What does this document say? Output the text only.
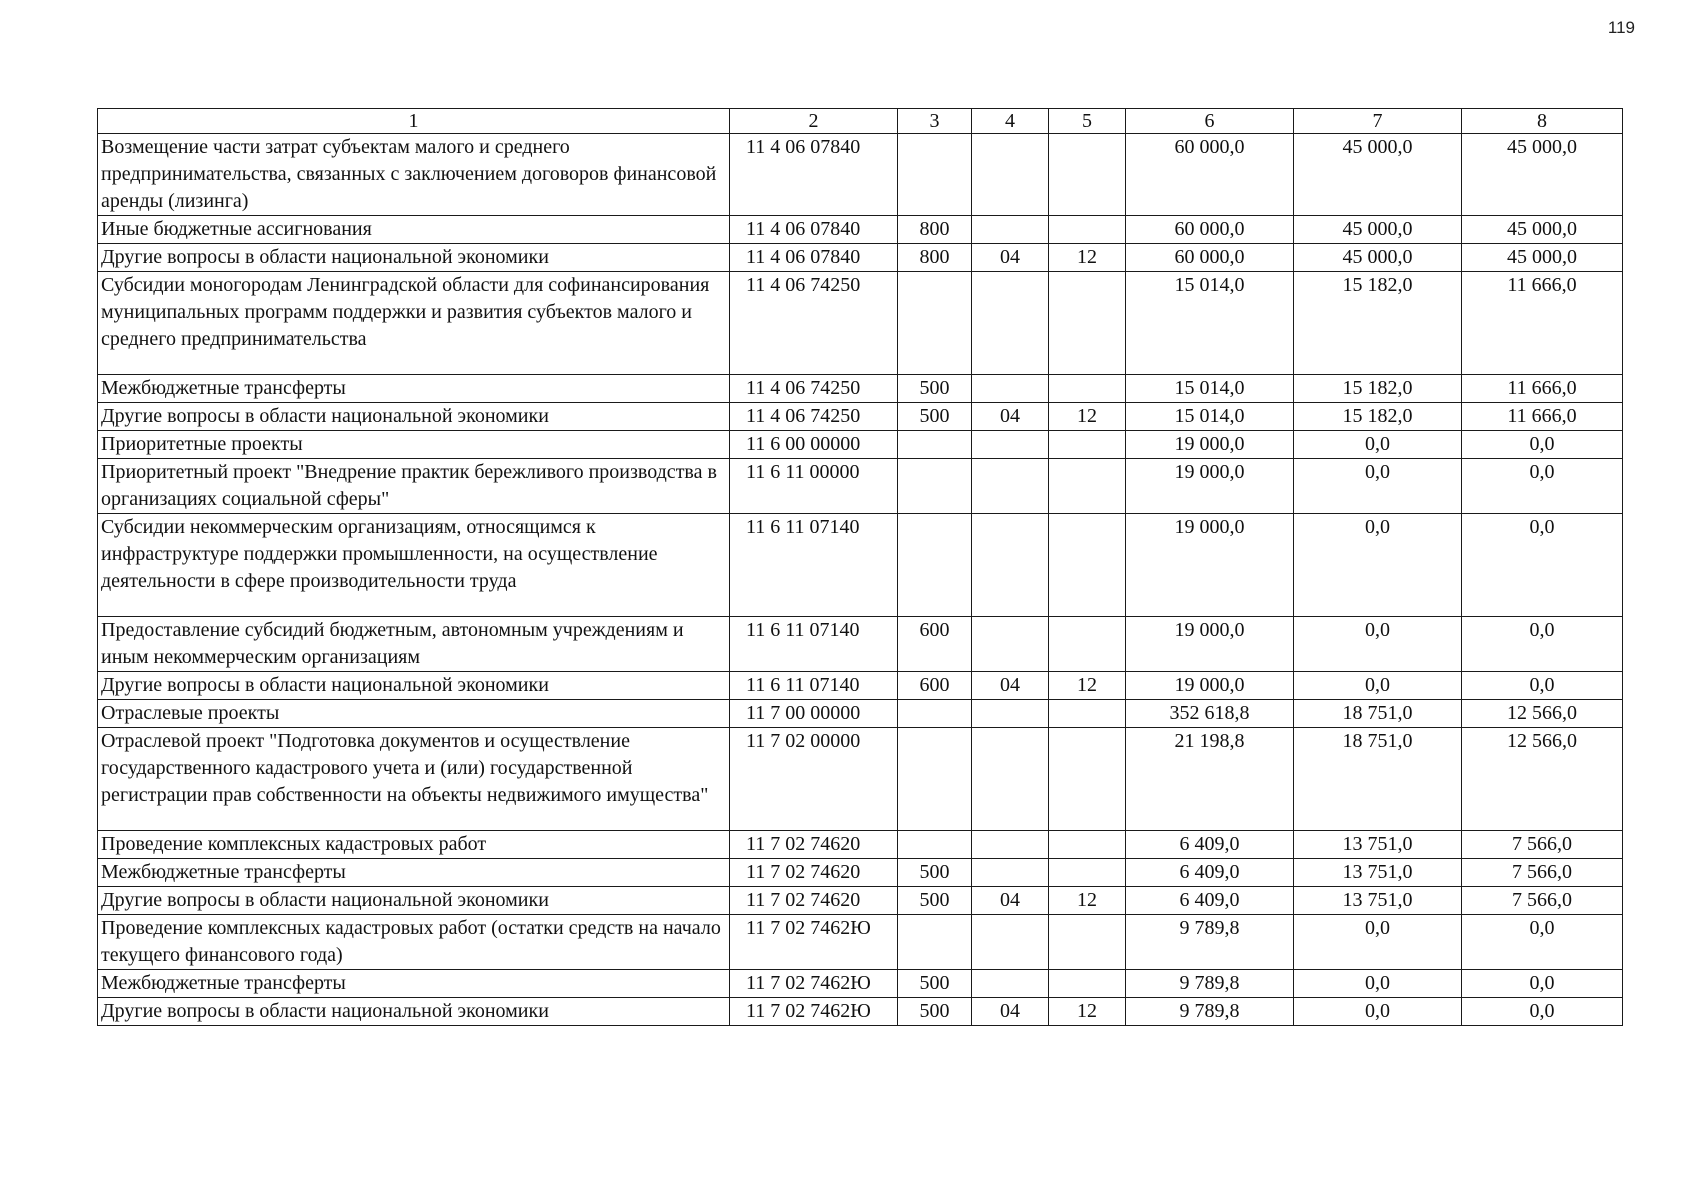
119
1	2	3	4	5	6	7	8
Возмещение части затрат субъектам малого и среднего предпринимательства, связанных с заключением договоров финансовой аренды (лизинга)	11 4 06 07840				60 000,0	45 000,0	45 000,0
Иные бюджетные ассигнования	11 4 06 07840	800			60 000,0	45 000,0	45 000,0
Другие вопросы в области национальной экономики	11 4 06 07840	800	04	12	60 000,0	45 000,0	45 000,0
Субсидии моногородам Ленинградской области для софинансирования муниципальных программ поддержки и развития субъектов малого и среднего предпринимательства	11 4 06 74250				15 014,0	15 182,0	11 666,0
Межбюджетные трансферты	11 4 06 74250	500			15 014,0	15 182,0	11 666,0
Другие вопросы в области национальной экономики	11 4 06 74250	500	04	12	15 014,0	15 182,0	11 666,0
Приоритетные проекты	11 6 00 00000				19 000,0	0,0	0,0
Приоритетный проект "Внедрение практик бережливого производства в организациях социальной сферы"	11 6 11 00000				19 000,0	0,0	0,0
Субсидии некоммерческим организациям, относящимся к инфраструктуре поддержки промышленности, на осуществление деятельности в сфере производительности труда	11 6 11 07140				19 000,0	0,0	0,0
Предоставление субсидий бюджетным, автономным учреждениям и иным некоммерческим организациям	11 6 11 07140	600			19 000,0	0,0	0,0
Другие вопросы в области национальной экономики	11 6 11 07140	600	04	12	19 000,0	0,0	0,0
Отраслевые проекты	11 7 00 00000				352 618,8	18 751,0	12 566,0
Отраслевой проект "Подготовка документов и осуществление государственного кадастрового учета и (или) государственной регистрации прав собственности на объекты недвижимого имущества"	11 7 02 00000				21 198,8	18 751,0	12 566,0
Проведение комплексных кадастровых работ	11 7 02 74620				6 409,0	13 751,0	7 566,0
Межбюджетные трансферты	11 7 02 74620	500			6 409,0	13 751,0	7 566,0
Другие вопросы в области национальной экономики	11 7 02 74620	500	04	12	6 409,0	13 751,0	7 566,0
Проведение комплексных кадастровых работ (остатки средств на начало текущего финансового года)	11 7 02 7462Ю				9 789,8	0,0	0,0
Межбюджетные трансферты	11 7 02 7462Ю	500			9 789,8	0,0	0,0
Другие вопросы в области национальной экономики	11 7 02 7462Ю	500	04	12	9 789,8	0,0	0,0
